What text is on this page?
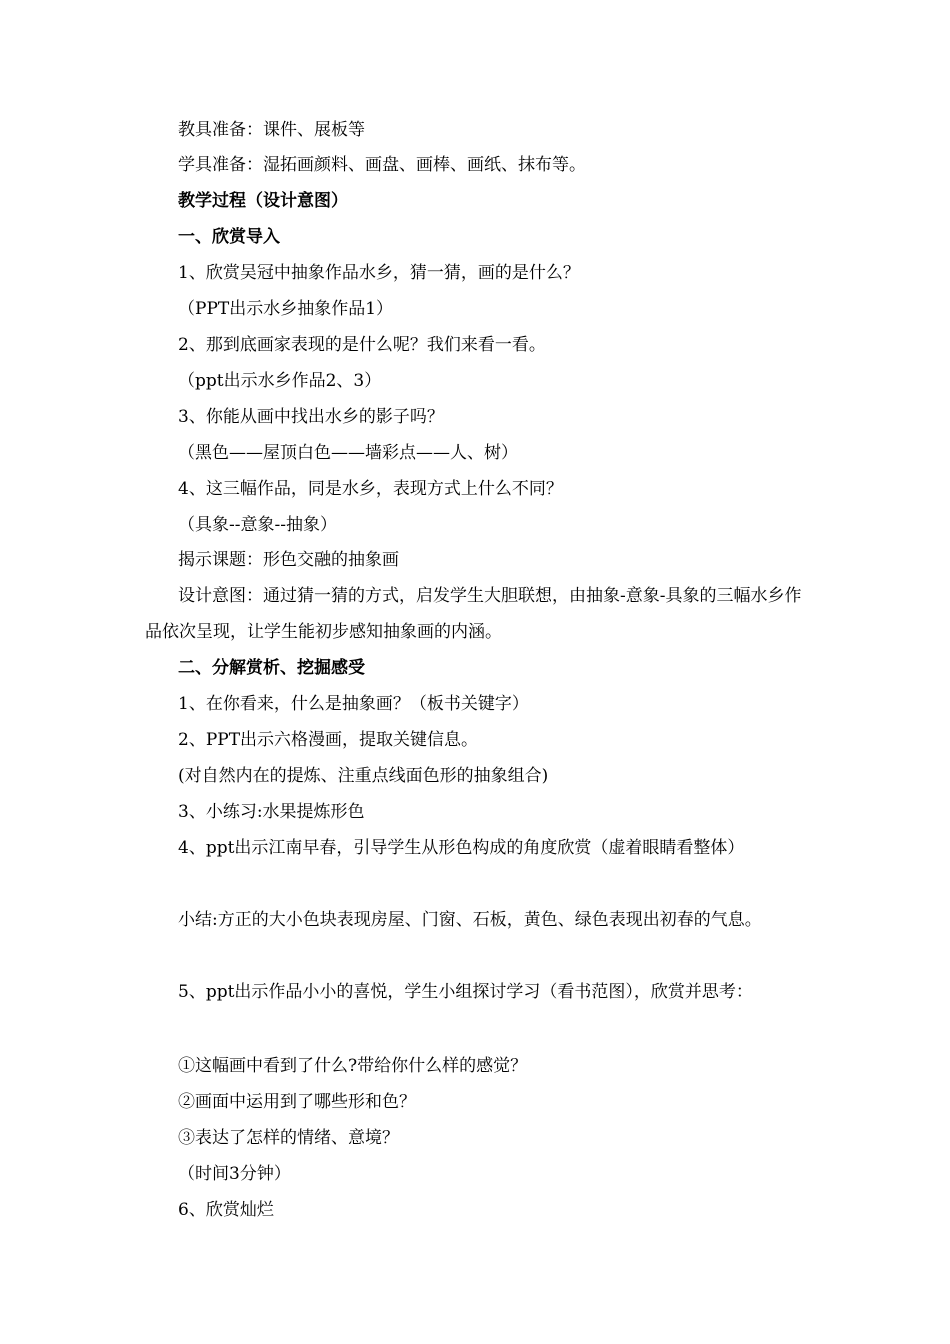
教具准备：课件、展板等
学具准备：湿拓画颜料、画盘、画棒、画纸、抹布等。
教学过程（设计意图）
一、欣赏导入
1、欣赏吴冠中抽象作品水乡，猜一猜，画的是什么？
（PPT出示水乡抽象作品1）
2、那到底画家表现的是什么呢？我们来看一看。
（ppt出示水乡作品2、3）
3、你能从画中找出水乡的影子吗？
（黑色——屋顶白色——墙彩点——人、树）
4、这三幅作品，同是水乡，表现方式上什么不同？
（具象--意象--抽象）
揭示课题：形色交融的抽象画

设计意图：通过猜一猜的方式，启发学生大胆联想，由抽象-意象-具象的三幅水乡作品依次呈现，让学生能初步感知抽象画的内涵。

二、分解赏析、挖掘感受
1、在你看来，什么是抽象画？（板书关键字）
2、PPT出示六格漫画，提取关键信息。
(对自然内在的提炼、注重点线面色形的抽象组合)
3、小练习:水果提炼形色

4、ppt出示江南早春，引导学生从形色构成的角度欣赏（虚着眼睛看整体）

小结:方正的大小色块表现房屋、门窗、石板，黄色、绿色表现出初春的气息。

5、ppt出示作品小小的喜悦，学生小组探讨学习（看书范图），欣赏并思考：

①这幅画中看到了什么?带给你什么样的感觉？
②画面中运用到了哪些形和色？
③表达了怎样的情绪、意境？
（时间3分钟）
6、欣赏灿烂
